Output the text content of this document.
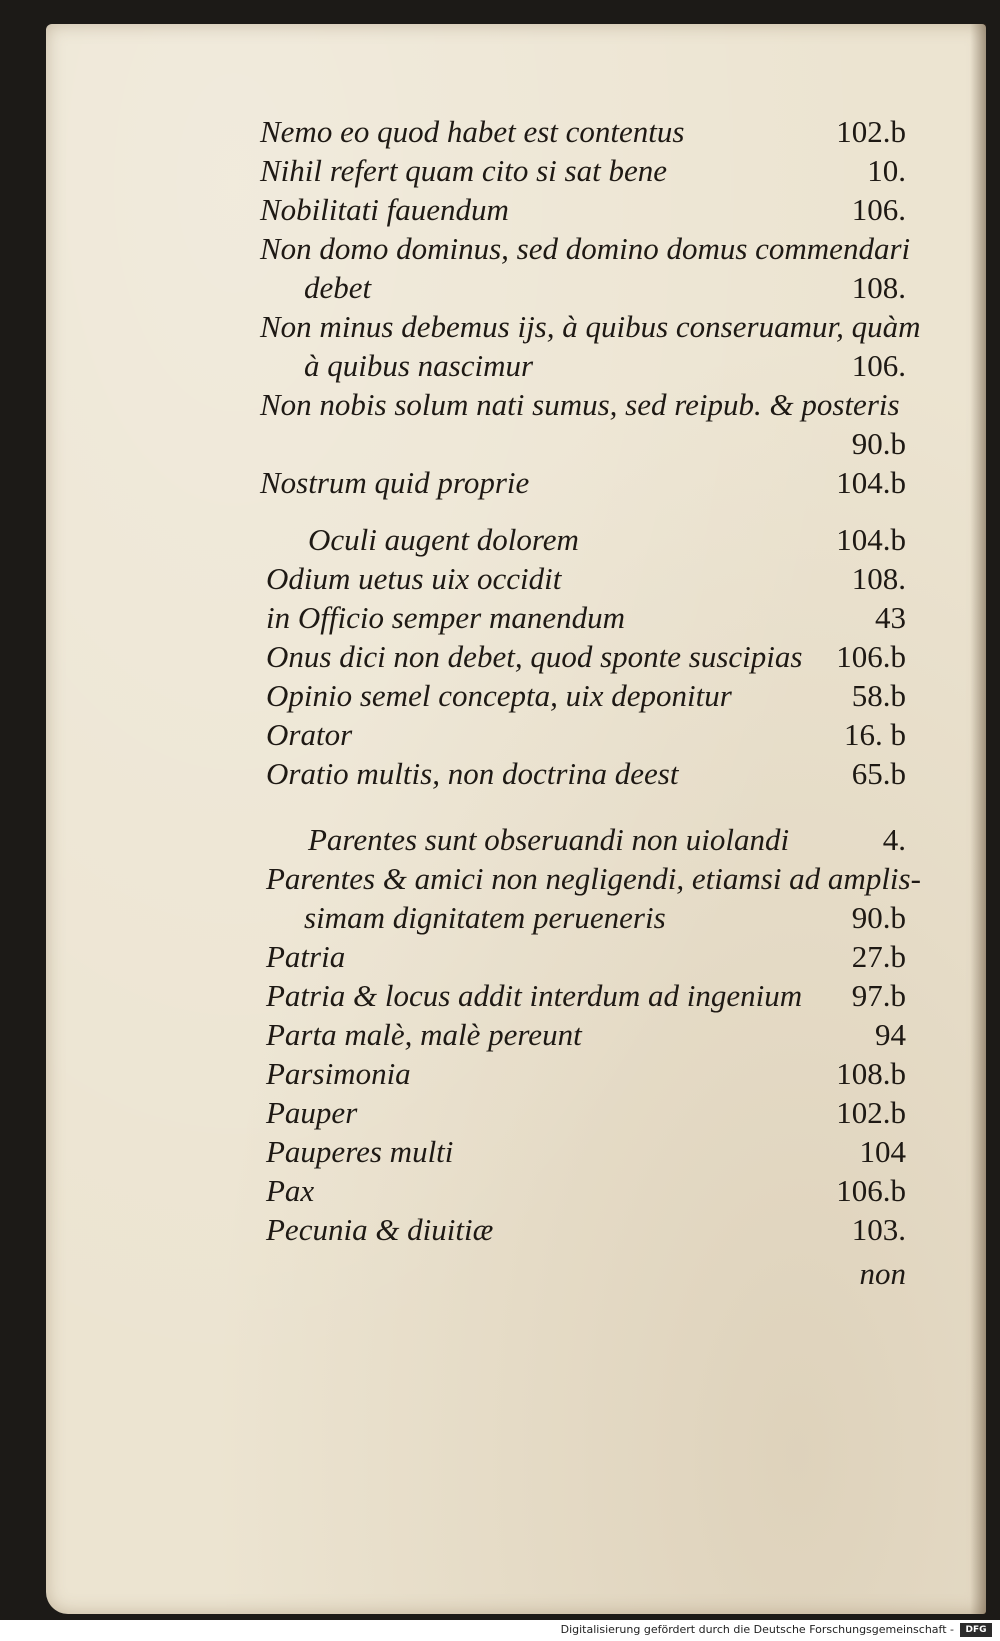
Nemo eo quod habet est contentus	102.b
Nihil refert quam cito si sat bene	10.
Nobilitati fauendum	106.
Non domo dominus, sed domino domus commendari
debet	108.
Non minus debemus ijs, à quibus conseruamur, quàm
à quibus nascimur	106.
Non nobis solum nati sumus, sed reipub. & posteris
90.b
Nostrum quid proprie	104.b
Oculi augent dolorem	104.b
Odium uetus uix occidit	108.
in Officio semper manendum	43
Onus dici non debet, quod sponte suscipias 106.b
Opinio semel concepta, uix deponitur	58.b
Orator	16. b
Oratio multis, non doctrina deest	65.b
Parentes sunt obseruandi non uiolandi	4.
Parentes & amici non negligendi, etiamsi ad amplis-
simam dignitatem perueneris	90.b
Patria	27.b
Patria & locus addit interdum ad ingenium 97.b
Parta malè, malè pereunt	94
Parsimonia	108.b
Pauper	102.b
Pauperes multi	104
Pax	106.b
Pecunia & diuitiæ	103.
non
Digitalisierung gefördert durch die Deutsche Forschungsgemeinschaft -	DFG
